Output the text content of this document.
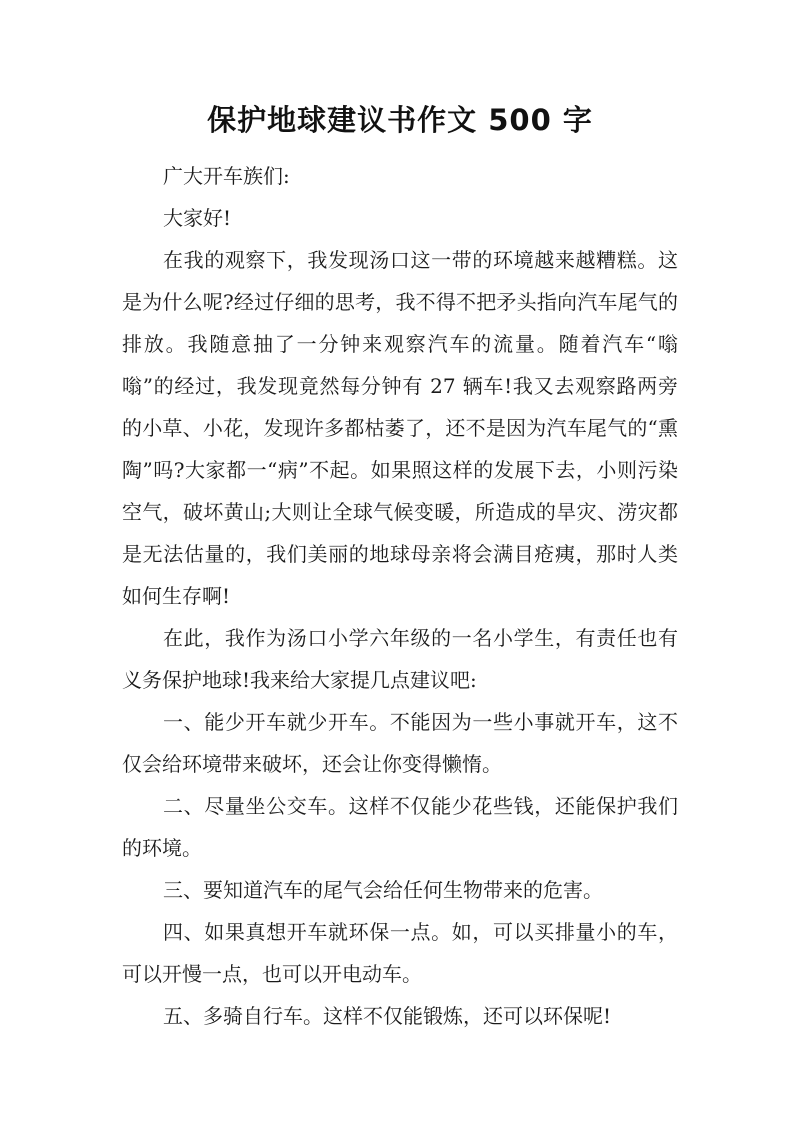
保护地球建议书作文 500 字

广大开车族们:

大家好!

在我的观察下，我发现汤口这一带的环境越来越糟糕。这是为什么呢?经过仔细的思考，我不得不把矛头指向汽车尾气的排放。我随意抽了一分钟来观察汽车的流量。随着汽车“嗡嗡”的经过，我发现竟然每分钟有 27 辆车!我又去观察路两旁的小草、小花，发现许多都枯萎了，还不是因为汽车尾气的“熏陶”吗?大家都一“病”不起。如果照这样的发展下去，小则污染空气，破坏黄山;大则让全球气候变暖，所造成的旱灾、涝灾都是无法估量的，我们美丽的地球母亲将会满目疮痍，那时人类如何生存啊!

在此，我作为汤口小学六年级的一名小学生，有责任也有义务保护地球!我来给大家提几点建议吧:

一、能少开车就少开车。不能因为一些小事就开车，这不仅会给环境带来破坏，还会让你变得懒惰。

二、尽量坐公交车。这样不仅能少花些钱，还能保护我们的环境。

三、要知道汽车的尾气会给任何生物带来的危害。

四、如果真想开车就环保一点。如，可以买排量小的车，可以开慢一点，也可以开电动车。

五、多骑自行车。这样不仅能锻炼，还可以环保呢!
